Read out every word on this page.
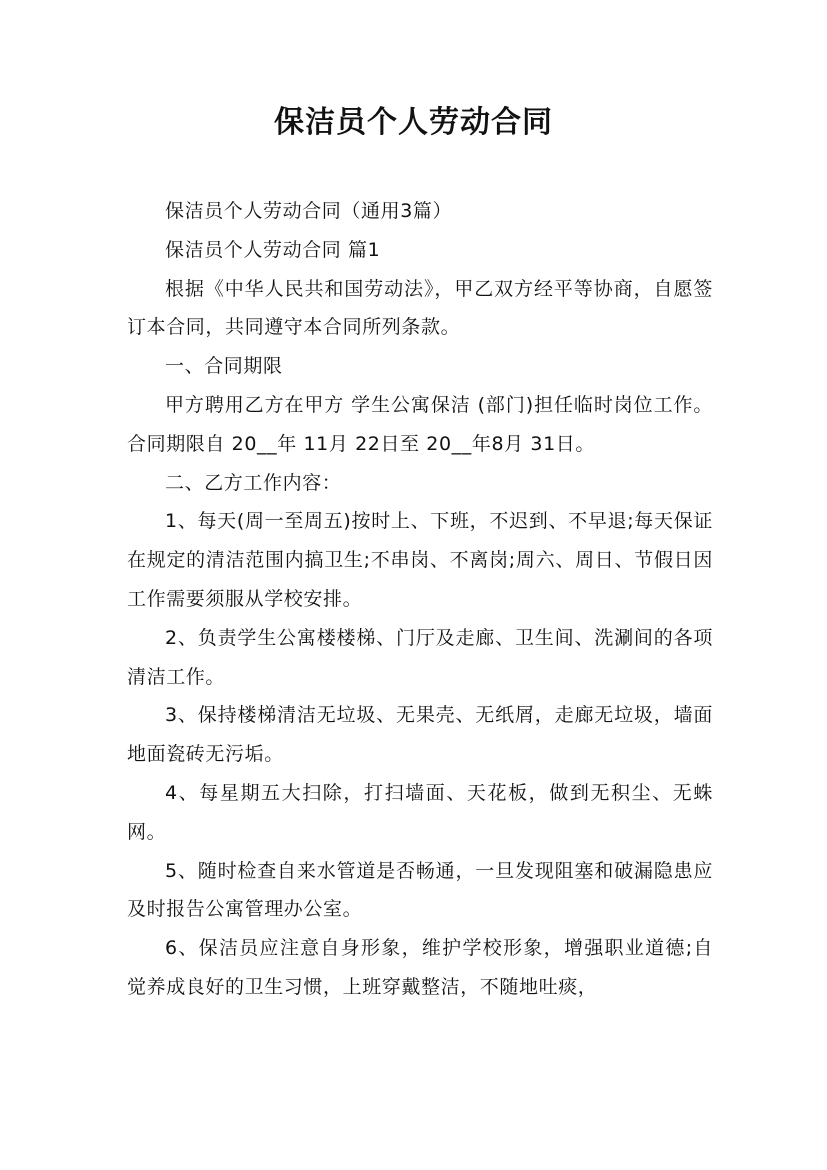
保洁员个人劳动合同

保洁员个人劳动合同（通用3篇）

保洁员个人劳动合同 篇1

根据《中华人民共和国劳动法》，甲乙双方经平等协商，自愿签订本合同，共同遵守本合同所列条款。

一、合同期限

甲方聘用乙方在甲方 学生公寓保洁 (部门)担任临时岗位工作。合同期限自 20__年 11月 22日至 20__年8月 31日。

二、乙方工作内容：

1、每天(周一至周五)按时上、下班，不迟到、不早退;每天保证在规定的清洁范围内搞卫生;不串岗、不离岗;周六、周日、节假日因工作需要须服从学校安排。

2、负责学生公寓楼楼梯、门厅及走廊、卫生间、洗涮间的各项清洁工作。

3、保持楼梯清洁无垃圾、无果壳、无纸屑，走廊无垃圾，墙面地面瓷砖无污垢。

4、每星期五大扫除，打扫墙面、天花板，做到无积尘、无蛛网。

5、随时检查自来水管道是否畅通，一旦发现阻塞和破漏隐患应及时报告公寓管理办公室。

6、保洁员应注意自身形象，维护学校形象，增强职业道德;自觉养成良好的卫生习惯，上班穿戴整洁，不随地吐痰，
